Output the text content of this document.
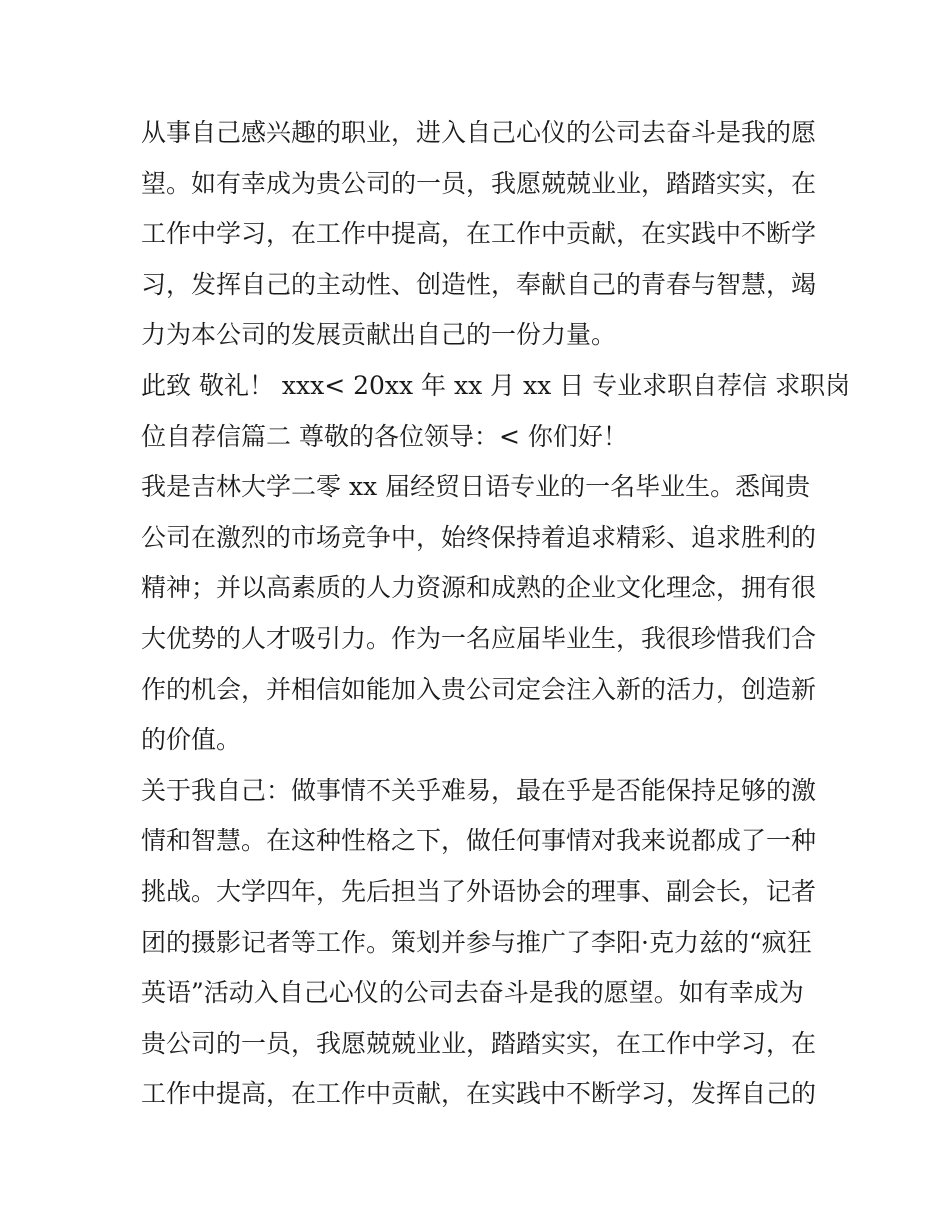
从事自己感兴趣的职业，进入自己心仪的公司去奋斗是我的愿
望。如有幸成为贵公司的一员，我愿兢兢业业，踏踏实实，在
工作中学习，在工作中提高，在工作中贡献，在实践中不断学
习，发挥自己的主动性、创造性，奉献自己的青春与智慧，竭
力为本公司的发展贡献出自己的一份力量。
此致 敬礼！ xxx< 20xx 年 xx 月 xx 日 专业求职自荐信 求职岗
位自荐信篇二 尊敬的各位领导：< 你们好！
我是吉林大学二零 xx 届经贸日语专业的一名毕业生。悉闻贵
公司在激烈的市场竞争中，始终保持着追求精彩、追求胜利的
精神；并以高素质的人力资源和成熟的企业文化理念，拥有很
大优势的人才吸引力。作为一名应届毕业生，我很珍惜我们合
作的机会，并相信如能加入贵公司定会注入新的活力，创造新
的价值。
关于我自己：做事情不关乎难易，最在乎是否能保持足够的激
情和智慧。在这种性格之下，做任何事情对我来说都成了一种
挑战。大学四年，先后担当了外语协会的理事、副会长，记者
团的摄影记者等工作。策划并参与推广了李阳·克力兹的“疯狂
英语”活动入自己心仪的公司去奋斗是我的愿望。如有幸成为
贵公司的一员，我愿兢兢业业，踏踏实实，在工作中学习，在
工作中提高，在工作中贡献，在实践中不断学习，发挥自己的
